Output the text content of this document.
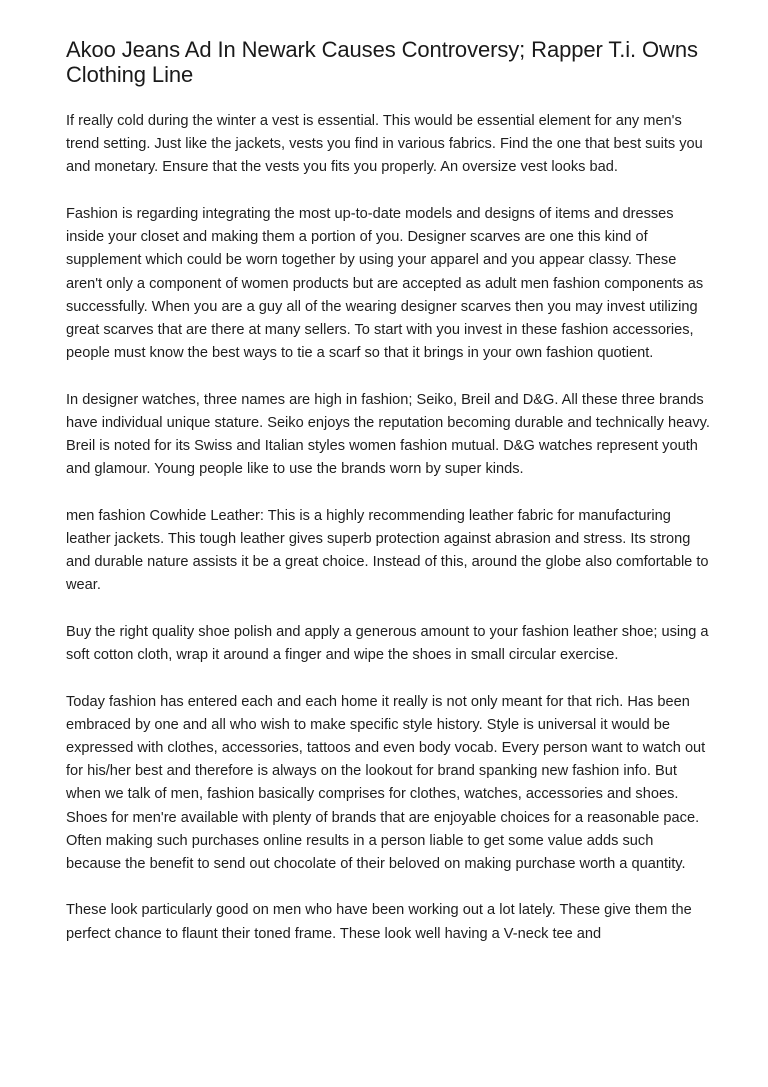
Akoo Jeans Ad In Newark Causes Controversy; Rapper T.i. Owns Clothing Line

If really cold during the winter a vest is essential. This would be essential element for any men's trend setting. Just like the jackets, vests you find in various fabrics. Find the one that best suits you and monetary. Ensure that the vests you fits you properly. An oversize vest looks bad.

Fashion is regarding integrating the most up-to-date models and designs of items and dresses inside your closet and making them a portion of you. Designer scarves are one this kind of supplement which could be worn together by using your apparel and you appear classy. These aren't only a component of women products but are accepted as adult men fashion components as successfully. When you are a guy all of the wearing designer scarves then you may invest utilizing great scarves that are there at many sellers. To start with you invest in these fashion accessories, people must know the best ways to tie a scarf so that it brings in your own fashion quotient.

In designer watches, three names are high in fashion; Seiko, Breil and D&G. All these three brands have individual unique stature. Seiko enjoys the reputation becoming durable and technically heavy. Breil is noted for its Swiss and Italian styles women fashion mutual. D&G watches represent youth and glamour. Young people like to use the brands worn by super kinds.

men fashion Cowhide Leather: This is a highly recommending leather fabric for manufacturing leather jackets. This tough leather gives superb protection against abrasion and stress. Its strong and durable nature assists it be a great choice. Instead of this, around the globe also comfortable to wear.

Buy the right quality shoe polish and apply a generous amount to your fashion leather shoe; using a soft cotton cloth, wrap it around a finger and wipe the shoes in small circular exercise.

Today fashion has entered each and each home it really is not only meant for that rich. Has been embraced by one and all who wish to make specific style history. Style is universal it would be expressed with clothes, accessories, tattoos and even body vocab. Every person want to watch out for his/her best and therefore is always on the lookout for brand spanking new fashion info. But when we talk of men, fashion basically comprises for clothes, watches, accessories and shoes. Shoes for men're available with plenty of brands that are enjoyable choices for a reasonable pace. Often making such purchases online results in a person liable to get some value adds such because the benefit to send out chocolate of their beloved on making purchase worth a quantity.

These look particularly good on men who have been working out a lot lately. These give them the perfect chance to flaunt their toned frame. These look well having a V-neck tee and
